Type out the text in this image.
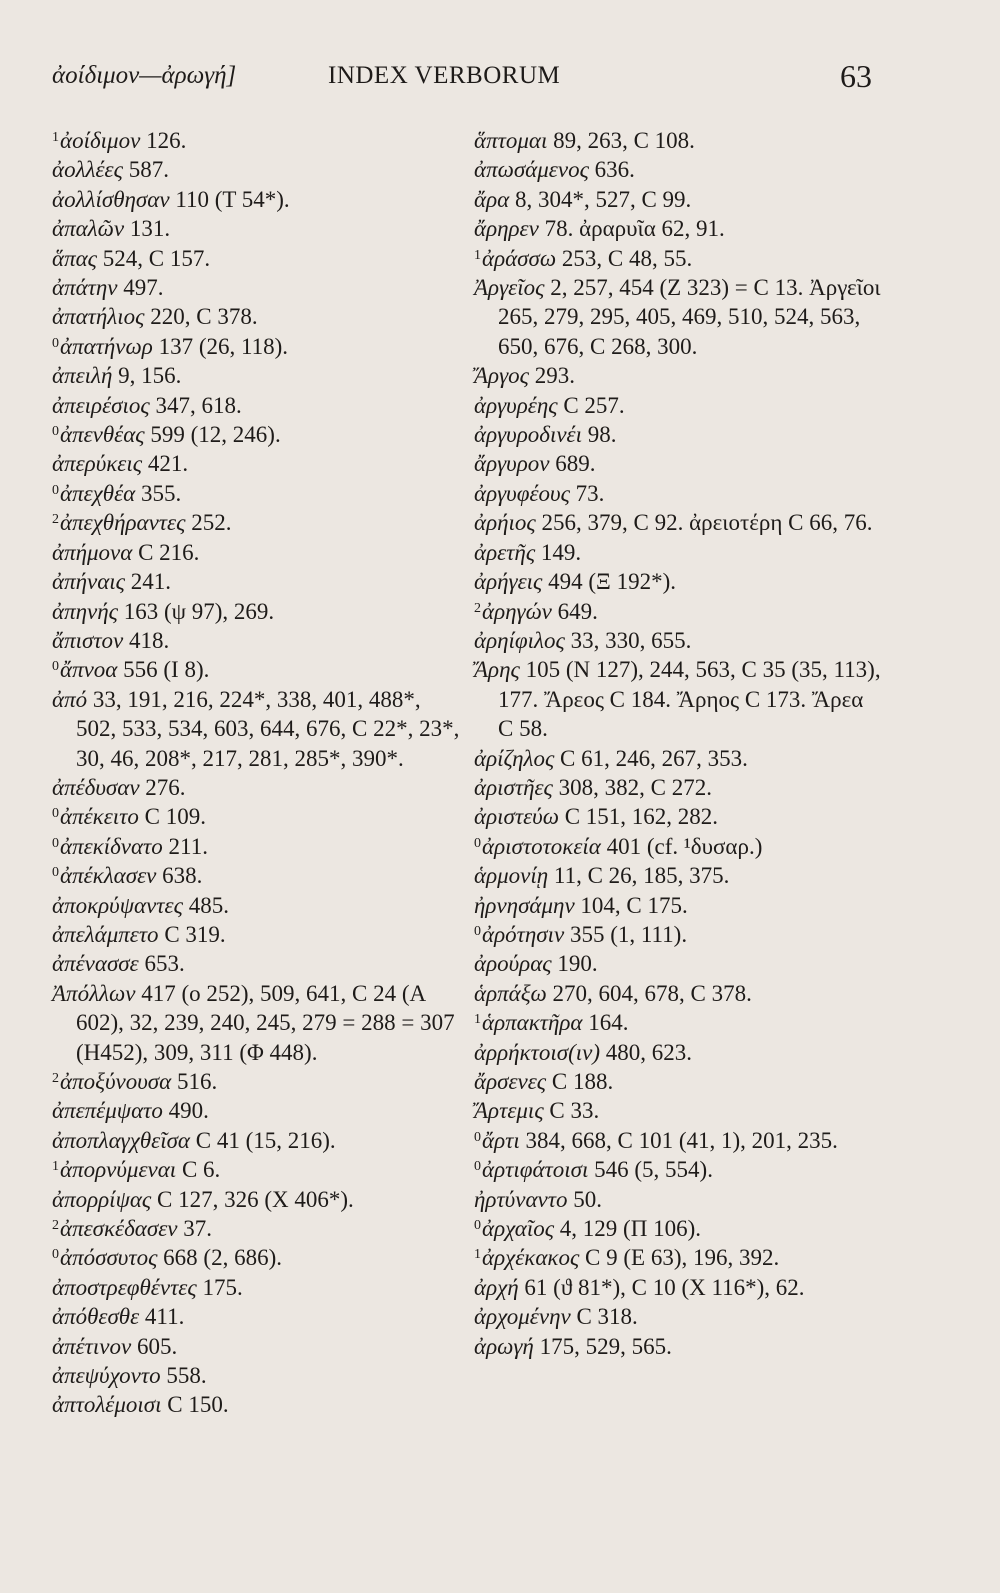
ἀοίδιμον—ἀρωγή]	INDEX VERBORUM	63
$^1$ἀοίδιμον 126.
ἀολλέες 587.
ἀολλίσθησαν 110 (T 54*).
ἀπαλῶν 131.
ἅπας 524, C 157.
ἀπάτην 497.
ἀπατήλιος 220, C 378.
$^0$ἀπατήνωρ 137 (26, 118).
ἀπειλή 9, 156.
ἀπειρέσιος 347, 618.
$^0$ἀπενθέας 599 (12, 246).
ἀπερύκεις 421.
$^0$ἀπεχθέα 355.
$^2$ἀπεχθήραντες 252.
ἀπήμονα C 216.
ἀπήναις 241.
ἀπηνής 163 (ψ 97), 269.
ἄπιστον 418.
$^0$ἄπνοα 556 (I 8).
ἀπό 33, 191, 216, 224*, 338, 401, 488*, 502, 533, 534, 603, 644, 676, C 22*, 23*, 30, 46, 208*, 217, 281, 285*, 390*.
ἀπέδυσαν 276.
$^0$ἀπέκειτο C 109.
$^0$ἀπεκίδνατο 211.
$^0$ἀπέκλασεν 638.
ἀποκρύψαντες 485.
ἀπελάμπετο C 319.
ἀπένασσε 653.
Ἀπόλλων 417 (o 252), 509, 641, C 24 (A 602), 32, 239, 240, 245, 279 = 288 = 307 (H452), 309, 311 (Φ 448).
$^2$ἀποξύνουσα 516.
ἀπεπέμψατο 490.
ἀποπλαγχθεῖσα C 41 (15, 216).
$^1$ἀπορνύμεναι C 6.
ἀπορρίψας C 127, 326 (X 406*).
$^2$ἀπεσκέδασεν 37.
$^0$ἀπόσσυτος 668 (2, 686).
ἀποστρεφθέντες 175.
ἀπόθεσθε 411.
ἀπέτινον 605.
ἀπεψύχοντο 558.
ἀπτολέμοισι C 150.
ἅπτομαι 89, 263, C 108.
ἀπωσάμενος 636.
ἄρα 8, 304*, 527, C 99.
ἄρηρεν 78. ἀραρυῖα 62, 91.
$^1$ἀράσσω 253, C 48, 55.
Ἀργεῖος 2, 257, 454 (Z 323) = C 13. Ἀργεῖοι 265, 279, 295, 405, 469, 510, 524, 563, 650, 676, C 268, 300.
Ἄργος 293.
ἀργυρέης C 257.
ἀργυροδινέι 98.
ἄργυρον 689.
ἀργυφέους 73.
ἀρήιος 256, 379, C 92. ἀρειοτέρη C 66, 76.
ἀρετῆς 149.
ἀρήγεις 494 (Ξ 192*).
$^2$ἀρηγών 649.
ἀρηίφιλος 33, 330, 655.
Ἄρης 105 (N 127), 244, 563, C 35 (35, 113), 177. Ἄρεος C 184. Ἄρηος C 173. Ἄρεα C 58.
ἀρίζηλος C 61, 246, 267, 353.
ἀριστῆες 308, 382, C 272.
ἀριστεύω C 151, 162, 282.
$^0$ἀριστοτοκεία 401 (cf. ¹δυσαρ.)
ἁρμονίῃ 11, C 26, 185, 375.
ἠρνησάμην 104, C 175.
$^0$ἀρότησιν 355 (1, 111).
ἀρούρας 190.
ἁρπάξω 270, 604, 678, C 378.
$^1$ἁρπακτῆρα 164.
ἀρρήκτοισ(ιν) 480, 623.
ἄρσενες C 188.
Ἄρτεμις C 33.
$^0$ἄρτι 384, 668, C 101 (41, 1), 201, 235.
$^0$ἀρτιφάτοισι 546 (5, 554).
ἠρτύναντο 50.
$^0$ἀρχαῖος 4, 129 (Π 106).
$^1$ἀρχέκακος C 9 (E 63), 196, 392.
ἀρχή 61 (ϑ 81*), C 10 (X 116*), 62.
ἀρχομένην C 318.
ἀρωγή 175, 529, 565.
